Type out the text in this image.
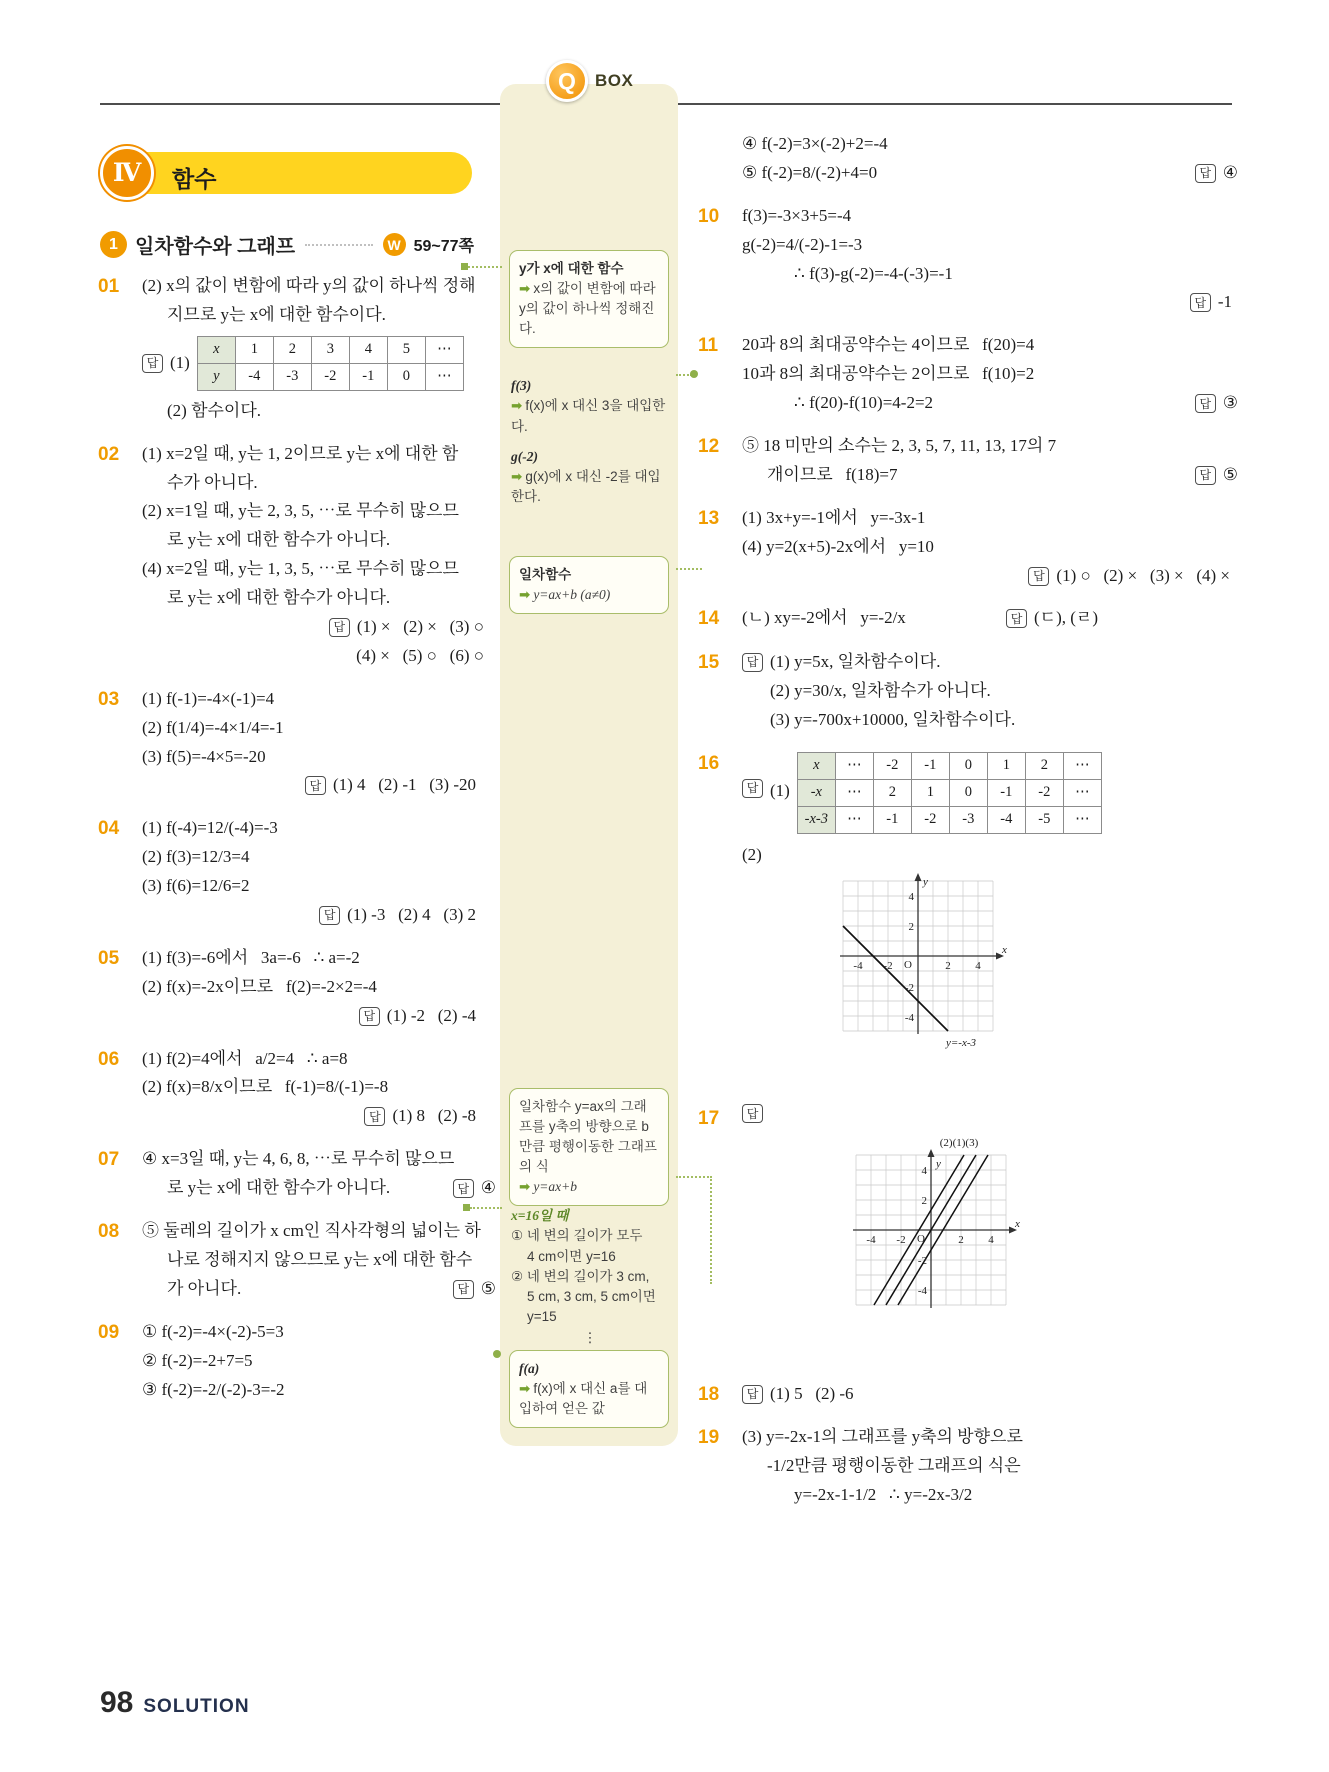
Ⅳ	함수
1 일차함수와 그래프	W 59~77쪽
Q	BOX
y가 x에 대한 함수
➡ x의 값이 변함에 따라 y의 값이 하나씩 정해진다.
f(3)
➡ f(x)에 x 대신 3을 대입한다.
g(-2)
➡ g(x)에 x 대신 -2를 대입한다.
일차함수
➡ y=ax+b (a≠0)
일차함수 y=ax의 그래프를 y축의 방향으로 b만큼 평행이동한 그래프의 식
➡ y=ax+b
x=16일 때
① 네 변의 길이가 모두
4 cm이면 y=16
② 네 변의 길이가 3 cm,
5 cm, 3 cm, 5 cm이면
y=15
⋮
f(a)
➡ f(x)에 x 대신 a를 대입하여 얻은 값
01	(2) x의 값이 변함에 따라 y의 값이 하나씩 정해
지므로 y는 x에 대한 함수이다.
답 (1)
x	1	2	3	4	5	⋯
y	-4	-3	-2	-1	0	⋯
(2) 함수이다.
02	(1) x=2일 때, y는 1, 2이므로 y는 x에 대한 함
수가 아니다.
(2) x=1일 때, y는 2, 3, 5, ⋯로 무수히 많으므
로 y는 x에 대한 함수가 아니다.
(4) x=2일 때, y는 1, 3, 5, ⋯로 무수히 많으므
로 y는 x에 대한 함수가 아니다.
답 (1) ×   (2) ×   (3) ○
(4) ×   (5) ○   (6) ○
03	(1) f(-1)=-4×(-1)=4
(2) f(1/4)=-4×1/4=-1
(3) f(5)=-4×5=-20
답 (1) 4   (2) -1   (3) -20
04	(1) f(-4)=12/(-4)=-3
(2) f(3)=12/3=4
(3) f(6)=12/6=2
답 (1) -3   (2) 4   (3) 2
05	(1) f(3)=-6에서   3a=-6   ∴ a=-2
(2) f(x)=-2x이므로   f(2)=-2×2=-4
답 (1) -2   (2) -4
06	(1) f(2)=4에서   a/2=4   ∴ a=8
(2) f(x)=8/x이므로   f(-1)=8/(-1)=-8
답 (1) 8   (2) -8
07	④ x=3일 때, y는 4, 6, 8, ⋯로 무수히 많으므
로 y는 x에 대한 함수가 아니다.	답 ④
08	⑤ 둘레의 길이가 x cm인 직사각형의 넓이는 하
나로 정해지지 않으므로 y는 x에 대한 함수
가 아니다.	답 ⑤
09	① f(-2)=-4×(-2)-5=3
② f(-2)=-2+7=5
③ f(-2)=-2/(-2)-3=-2
④ f(-2)=3×(-2)+2=-4
⑤ f(-2)=8/(-2)+4=0	답 ④
10	f(3)=-3×3+5=-4
g(-2)=4/(-2)-1=-3
∴ f(3)-g(-2)=-4-(-3)=-1
답 -1
11	20과 8의 최대공약수는 4이므로   f(20)=4
10과 8의 최대공약수는 2이므로   f(10)=2
∴ f(20)-f(10)=4-2=2	답 ③
12	⑤ 18 미만의 소수는 2, 3, 5, 7, 11, 13, 17의 7
개이므로   f(18)=7	답 ⑤
13	(1) 3x+y=-1에서   y=-3x-1
(4) y=2(x+5)-2x에서   y=10
답 (1) ○   (2) ×   (3) ×   (4) ×
14	(ㄴ) xy=-2에서   y=-2/x	답 (ㄷ), (ㄹ)
15	답 (1) y=5x, 일차함수이다.
(2) y=30/x, 일차함수가 아니다.
(3) y=-700x+10000, 일차함수이다.
16
답 (1)
x	⋯	-2	-1	0	1	2	⋯
-x	⋯	2	1	0	-1	-2	⋯
-x-3	⋯	-1	-2	-3	-4	-5	⋯
(2)

y
x
O
-4 -2	2 4
4
2
-2
-4
y=-x-3

17	답

(2)(1)(3)
y
x
O
-4 -2	2 4
4
2
-2
-4

18	답 (1) 5   (2) -6
19	(3) y=-2x-1의 그래프를 y축의 방향으로
-1/2만큼 평행이동한 그래프의 식은
y=-2x-1-1/2   ∴ y=-2x-3/2
98 SOLUTION
